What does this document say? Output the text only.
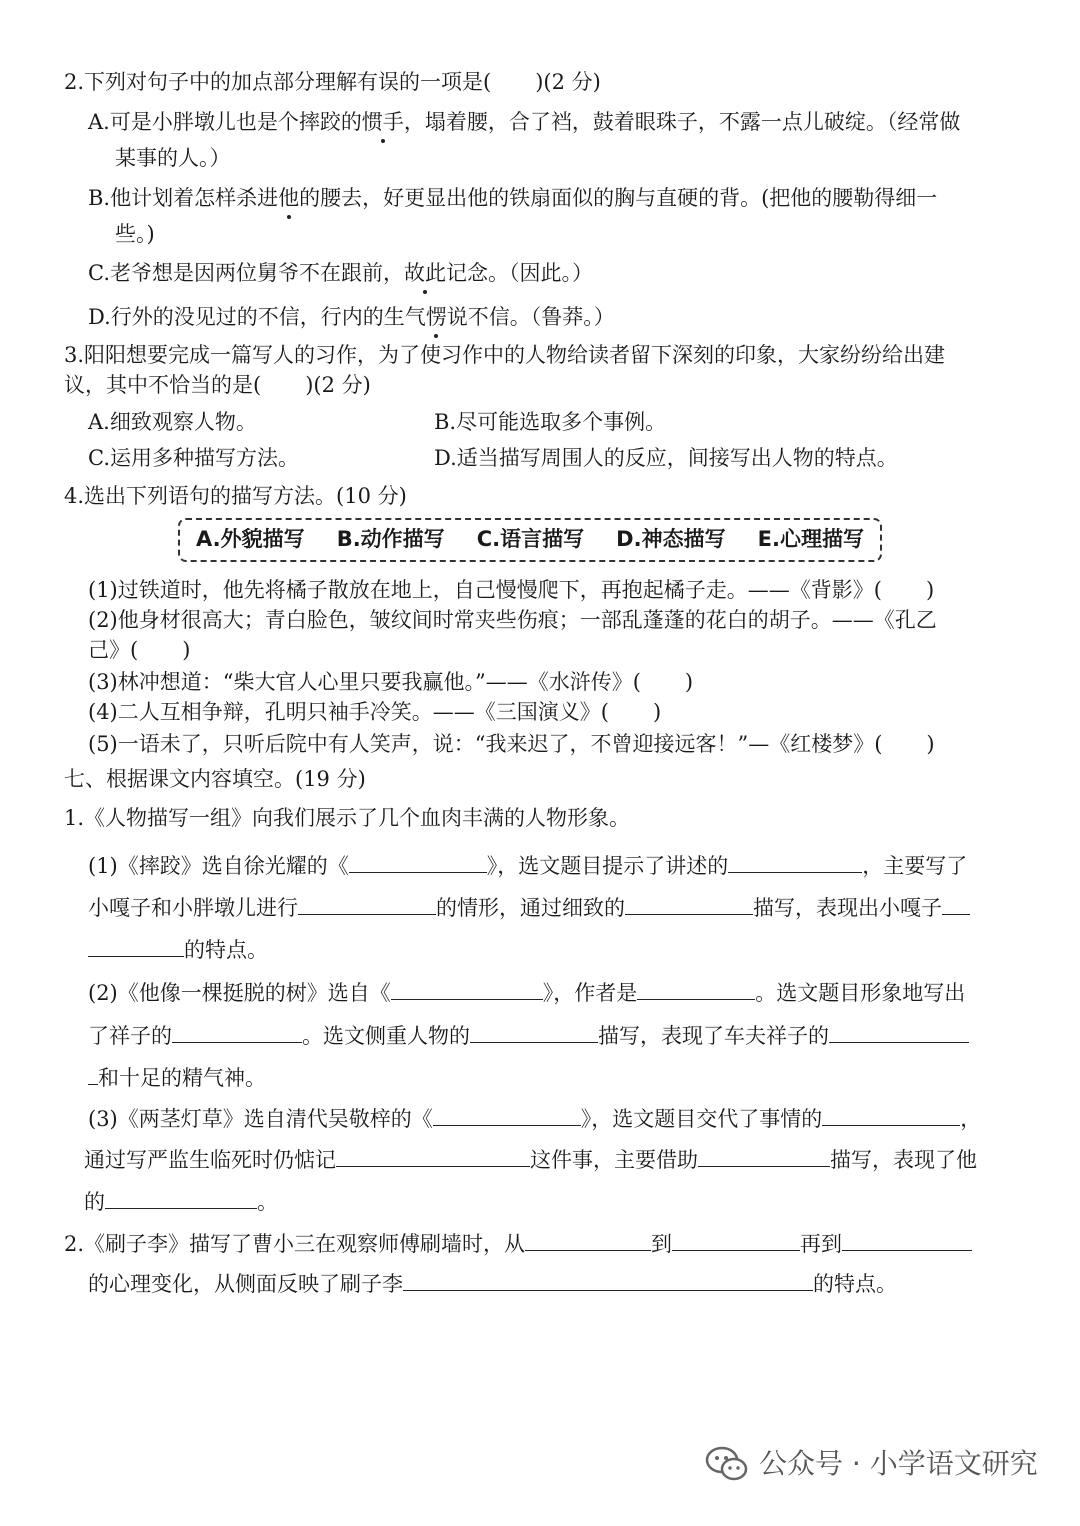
2.下列对句子中的加点部分理解有误的一项是( )(2 分)
A.可是小胖墩儿也是个摔跤的惯手，塌着腰，合了裆，鼓着眼珠子，不露一点儿破绽。（经常做
某事的人。）
B.他计划着怎样杀进他的腰去，好更显出他的铁扇面似的胸与直硬的背。(把他的腰勒得细一
些。)
C.老爷想是因两位舅爷不在跟前，故此记念。（因此。）
D.行外的没见过的不信，行内的生气愣说不信。（鲁莽。）
3.阳阳想要完成一篇写人的习作，为了使习作中的人物给读者留下深刻的印象，大家纷纷给出建
议，其中不恰当的是( )(2 分)
A.细致观察人物。	B.尽可能选取多个事例。
C.运用多种描写方法。	D.适当描写周围人的反应，间接写出人物的特点。
4.选出下列语句的描写方法。(10 分)
A.外貌描写 B.动作描写 C.语言描写 D.神态描写 E.心理描写
(1)过铁道时，他先将橘子散放在地上，自己慢慢爬下，再抱起橘子走。——《背影》( )
(2)他身材很高大；青白脸色，皱纹间时常夹些伤痕；一部乱蓬蓬的花白的胡子。——《孔乙
己》( )
(3)林冲想道：“柴大官人心里只要我赢他。”——《水浒传》( )
(4)二人互相争辩，孔明只袖手冷笑。——《三国演义》( )
(5)一语未了，只听后院中有人笑声，说：“我来迟了，不曾迎接远客！”—《红楼梦》( )
七、根据课文内容填空。(19 分)
1.《人物描写一组》向我们展示了几个血肉丰满的人物形象。
(1)《摔跤》选自徐光耀的《	》，选文题目提示了讲述的	，主要写了
小嘎子和小胖墩儿进行	的情形，通过细致的	描写，表现出小嘎子
的特点。
(2)《他像一棵挺脱的树》选自《	》，作者是	。选文题目形象地写出
了祥子的	。选文侧重人物的	描写，表现了车夫祥子的
和十足的精气神。
(3)《两茎灯草》选自清代吴敬梓的《	》，选文题目交代了事情的	，
通过写严监生临死时仍惦记	这件事，主要借助	描写，表现了他
的	。
2.《刷子李》描写了曹小三在观察师傅刷墙时，从	到	再到
的心理变化，从侧面反映了刷子李	的特点。
公众号 · 小学语文研究
